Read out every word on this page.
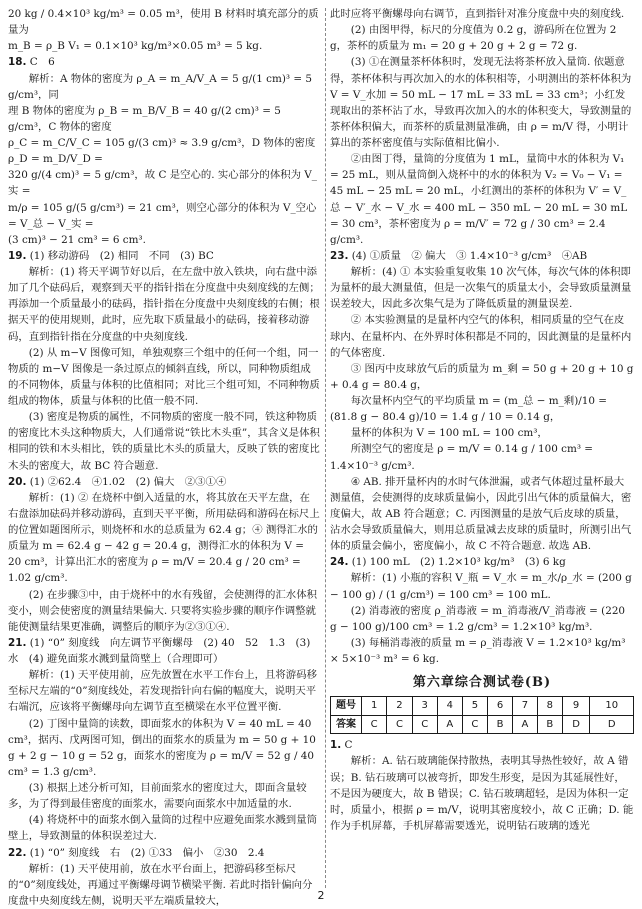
20 kg / 0.4×10³ kg/m³ = 0.05 m³，使用 B 材料时填充部分的质量为

m_B = ρ_B V₁ = 0.1×10³ kg/m³×0.05 m³ = 5 kg.

18. C　6

解析：A 物体的密度为 ρ_A = m_A/V_A = 5 g/(1 cm)³ = 5 g/cm³，同

理 B 物体的密度为 ρ_B = m_B/V_B = 40 g/(2 cm)³ = 5 g/cm³，C 物体的密度

ρ_C = m_C/V_C = 105 g/(3 cm)³ ≈ 3.9 g/cm³，D 物体的密度 ρ_D = m_D/V_D =

320 g/(4 cm)³ = 5 g/cm³，故 C 是空心的. 实心部分的体积为 V_实 =

m/ρ = 105 g/(5 g/cm³) = 21 cm³，则空心部分的体积为 V_空心 = V_总 − V_实 =

(3 cm)³ − 21 cm³ = 6 cm³.

19. (1) 移动游码　(2) 相同　不同　(3) BC

解析：(1) 将天平调节好以后，在左盘中放入铁块，向右盘中添加了几个砝码后，观察到天平的指针指在分度盘中央刻度线的左侧；再添加一个质量最小的砝码，指针指在分度盘中央刻度线的右侧；根据天平的使用规则，此时，应先取下质量最小的砝码，接着移动游码，直到指针指在分度盘的中央刻度线.

(2) 从 m−V 图像可知，单独观察三个组中的任何一个组，同一物质的 m−V 图像是一条过原点的倾斜直线，所以，同种物质组成的不同物体，质量与体积的比值相同；对比三个组可知，不同种物质组成的物体，质量与体积的比值一般不同.

(3) 密度是物质的属性，不同物质的密度一般不同，铁这种物质的密度比木头这种物质大，人们通常说“铁比木头重”，其含义是体积相同的铁和木头相比，铁的质量比木头的质量大，反映了铁的密度比木头的密度大，故 BC 符合题意.

20. (1) ②62.4　④1.02　(2) 偏大　②③①④

解析：(1) ② 在烧杯中倒入适量的水，将其放在天平左盘，在右盘添加砝码并移动游码，直到天平平衡，所用砝码和游码在标尺上的位置如题图所示，则烧杯和水的总质量为 62.4 g；④ 测得汇水的质量为 m = 62.4 g − 42 g = 20.4 g，测得汇水的体积为 V = 20 cm³，计算出汇水的密度为 ρ = m/V = 20.4 g / 20 cm³ = 1.02 g/cm³.

(2) 在步骤③中，由于烧杯中的水有残留，会使测得的汇水体积变小，则会使密度的测量结果偏大. 只要将实验步骤的顺序作调整就能使测量结果更准确，调整后的顺序为②③①④.

21. (1) “0” 刻度线　向左调节平衡螺母　(2) 40　52　1.3　(3) 水　(4) 避免面浆水溅到量筒壁上（合理即可）

解析：(1) 天平使用前，应先放置在水平工作台上，且将游码移至标尺左端的“0”刻度线处，若发现指针向右偏的幅度大，说明天平右端沉，应该将平衡螺母向左调节直至横梁在水平位置平衡.

(2) 丁图中量筒的读数，即面浆水的体积为 V = 40 mL = 40 cm³，据丙、戊两图可知，倒出的面浆水的质量为 m = 50 g + 10 g + 2 g − 10 g = 52 g，面浆水的密度为 ρ = m/V = 52 g / 40 cm³ = 1.3 g/cm³.

(3) 根据上述分析可知，目前面浆水的密度过大，即面含量较多，为了得到最佳密度的面浆水，需要向面浆水中加适量的水.

(4) 将烧杯中的面浆水倒入量筒的过程中应避免面浆水溅到量筒壁上，导致测量的体积误差过大.

22. (1) “0” 刻度线　右　(2) ①33　偏小　②30　2.4

解析：(1) 天平使用前，放在水平台面上，把游码移至标尺的“0”刻度线处，再通过平衡螺母调节横梁平衡. 若此时指针偏向分度盘中央刻度线左侧，说明天平左端质量较大，

此时应将平衡螺母向右调节，直到指针对准分度盘中央的刻度线.

(2) 由图甲得，标尺的分度值为 0.2 g，游码所在位置为 2 g，茶杯的质量为 m₁ = 20 g + 20 g + 2 g = 72 g.

(3) ①在测量茶杯体积时，发现无法将茶杯放入量筒. 依题意得，茶杯体积与再次加入的水的体积相等，小明测出的茶杯体积为 V = V_水加 = 50 mL − 17 mL = 33 mL = 33 cm³；小红发现取出的茶杯沾了水，导致再次加入的水的体积变大，导致测量的茶杯体积偏大，而茶杯的质量测量准确，由 ρ = m/V 得，小明计算出的茶杯密度值与实际值相比偏小.

②由图丁得，量筒的分度值为 1 mL，量筒中水的体积为 V₁ = 25 mL，则从量筒倒入烧杯中的水的体积为 V₂ = V₀ − V₁ = 45 mL − 25 mL = 20 mL，小红测出的茶杯的体积为 V′ = V_总 − V′_水 − V_水 = 400 mL − 350 mL − 20 mL = 30 mL = 30 cm³，茶杯密度为 ρ = m/V′ = 72 g / 30 cm³ = 2.4 g/cm³.

23. (4) ①质量　② 偏大　③ 1.4×10⁻³ g/cm³　④AB

解析：(4) ① 本实验重复收集 10 次气体，每次气体的体积即为量杯的最大测量值，但是一次集气的质量太小，会导致质量测量误差较大，因此多次集气是为了降低质量的测量误差.

② 本实验测量的是量杯内空气的体积，相同质量的空气在皮球内、在量杯内、在外界时体积都是不同的，因此测量的是量杯内的气体密度.

③ 图丙中皮球放气后的质量为 m_剩 = 50 g + 20 g + 10 g + 0.4 g = 80.4 g，

每次量杯内空气的平均质量 m = (m_总 − m_剩)/10 = (81.8 g − 80.4 g)/10 = 1.4 g / 10 = 0.14 g，

量杯的体积为 V = 100 mL = 100 cm³，

所测空气的密度是 ρ = m/V = 0.14 g / 100 cm³ = 1.4×10⁻³ g/cm³.

④ AB. 排开量杯内的水时气体泄漏，或者气体超过量杯最大测量值，会使测得的皮球质量偏小，因此引出气体的质量偏大，密度偏大，故 AB 符合题意；C. 丙图测量的是放气后皮球的质量，沾水会导致质量偏大，则用总质量减去皮球的质量时，所测引出气体的质量会偏小，密度偏小，故 C 不符合题意. 故选 AB.

24. (1) 100 mL　(2) 1.2×10³ kg/m³　(3) 6 kg

解析：(1) 小瓶的容积 V_瓶 = V_水 = m_水/ρ_水 = (200 g − 100 g) / (1 g/cm³) = 100 cm³ = 100 mL.

(2) 消毒液的密度 ρ_消毒液 = m_消毒液/V_消毒液 = (220 g − 100 g)/100 cm³ = 1.2 g/cm³ = 1.2×10³ kg/m³.

(3) 每桶消毒液的质量 m = ρ_消毒液 V = 1.2×10³ kg/m³ × 5×10⁻³ m³ = 6 kg.

第六章综合测试卷(B)
题号	1	2	3	4	5	6	7	8	9	10
答案	C	C	C	A	C	B	A	B	D	D

1. C

解析：A. 钻石玻璃能保持散热，表明其导热性较好，故 A 错误；B. 钻石玻璃可以被弯折，即发生形变，是因为其延展性好，不是因为硬度大，故 B 错误；C. 钻石玻璃超轻，是因为体积一定时，质量小，根据 ρ = m/V，说明其密度较小，故 C 正确；D. 能作为手机屏幕，手机屏幕需要透光，说明钻石玻璃的透光

2
